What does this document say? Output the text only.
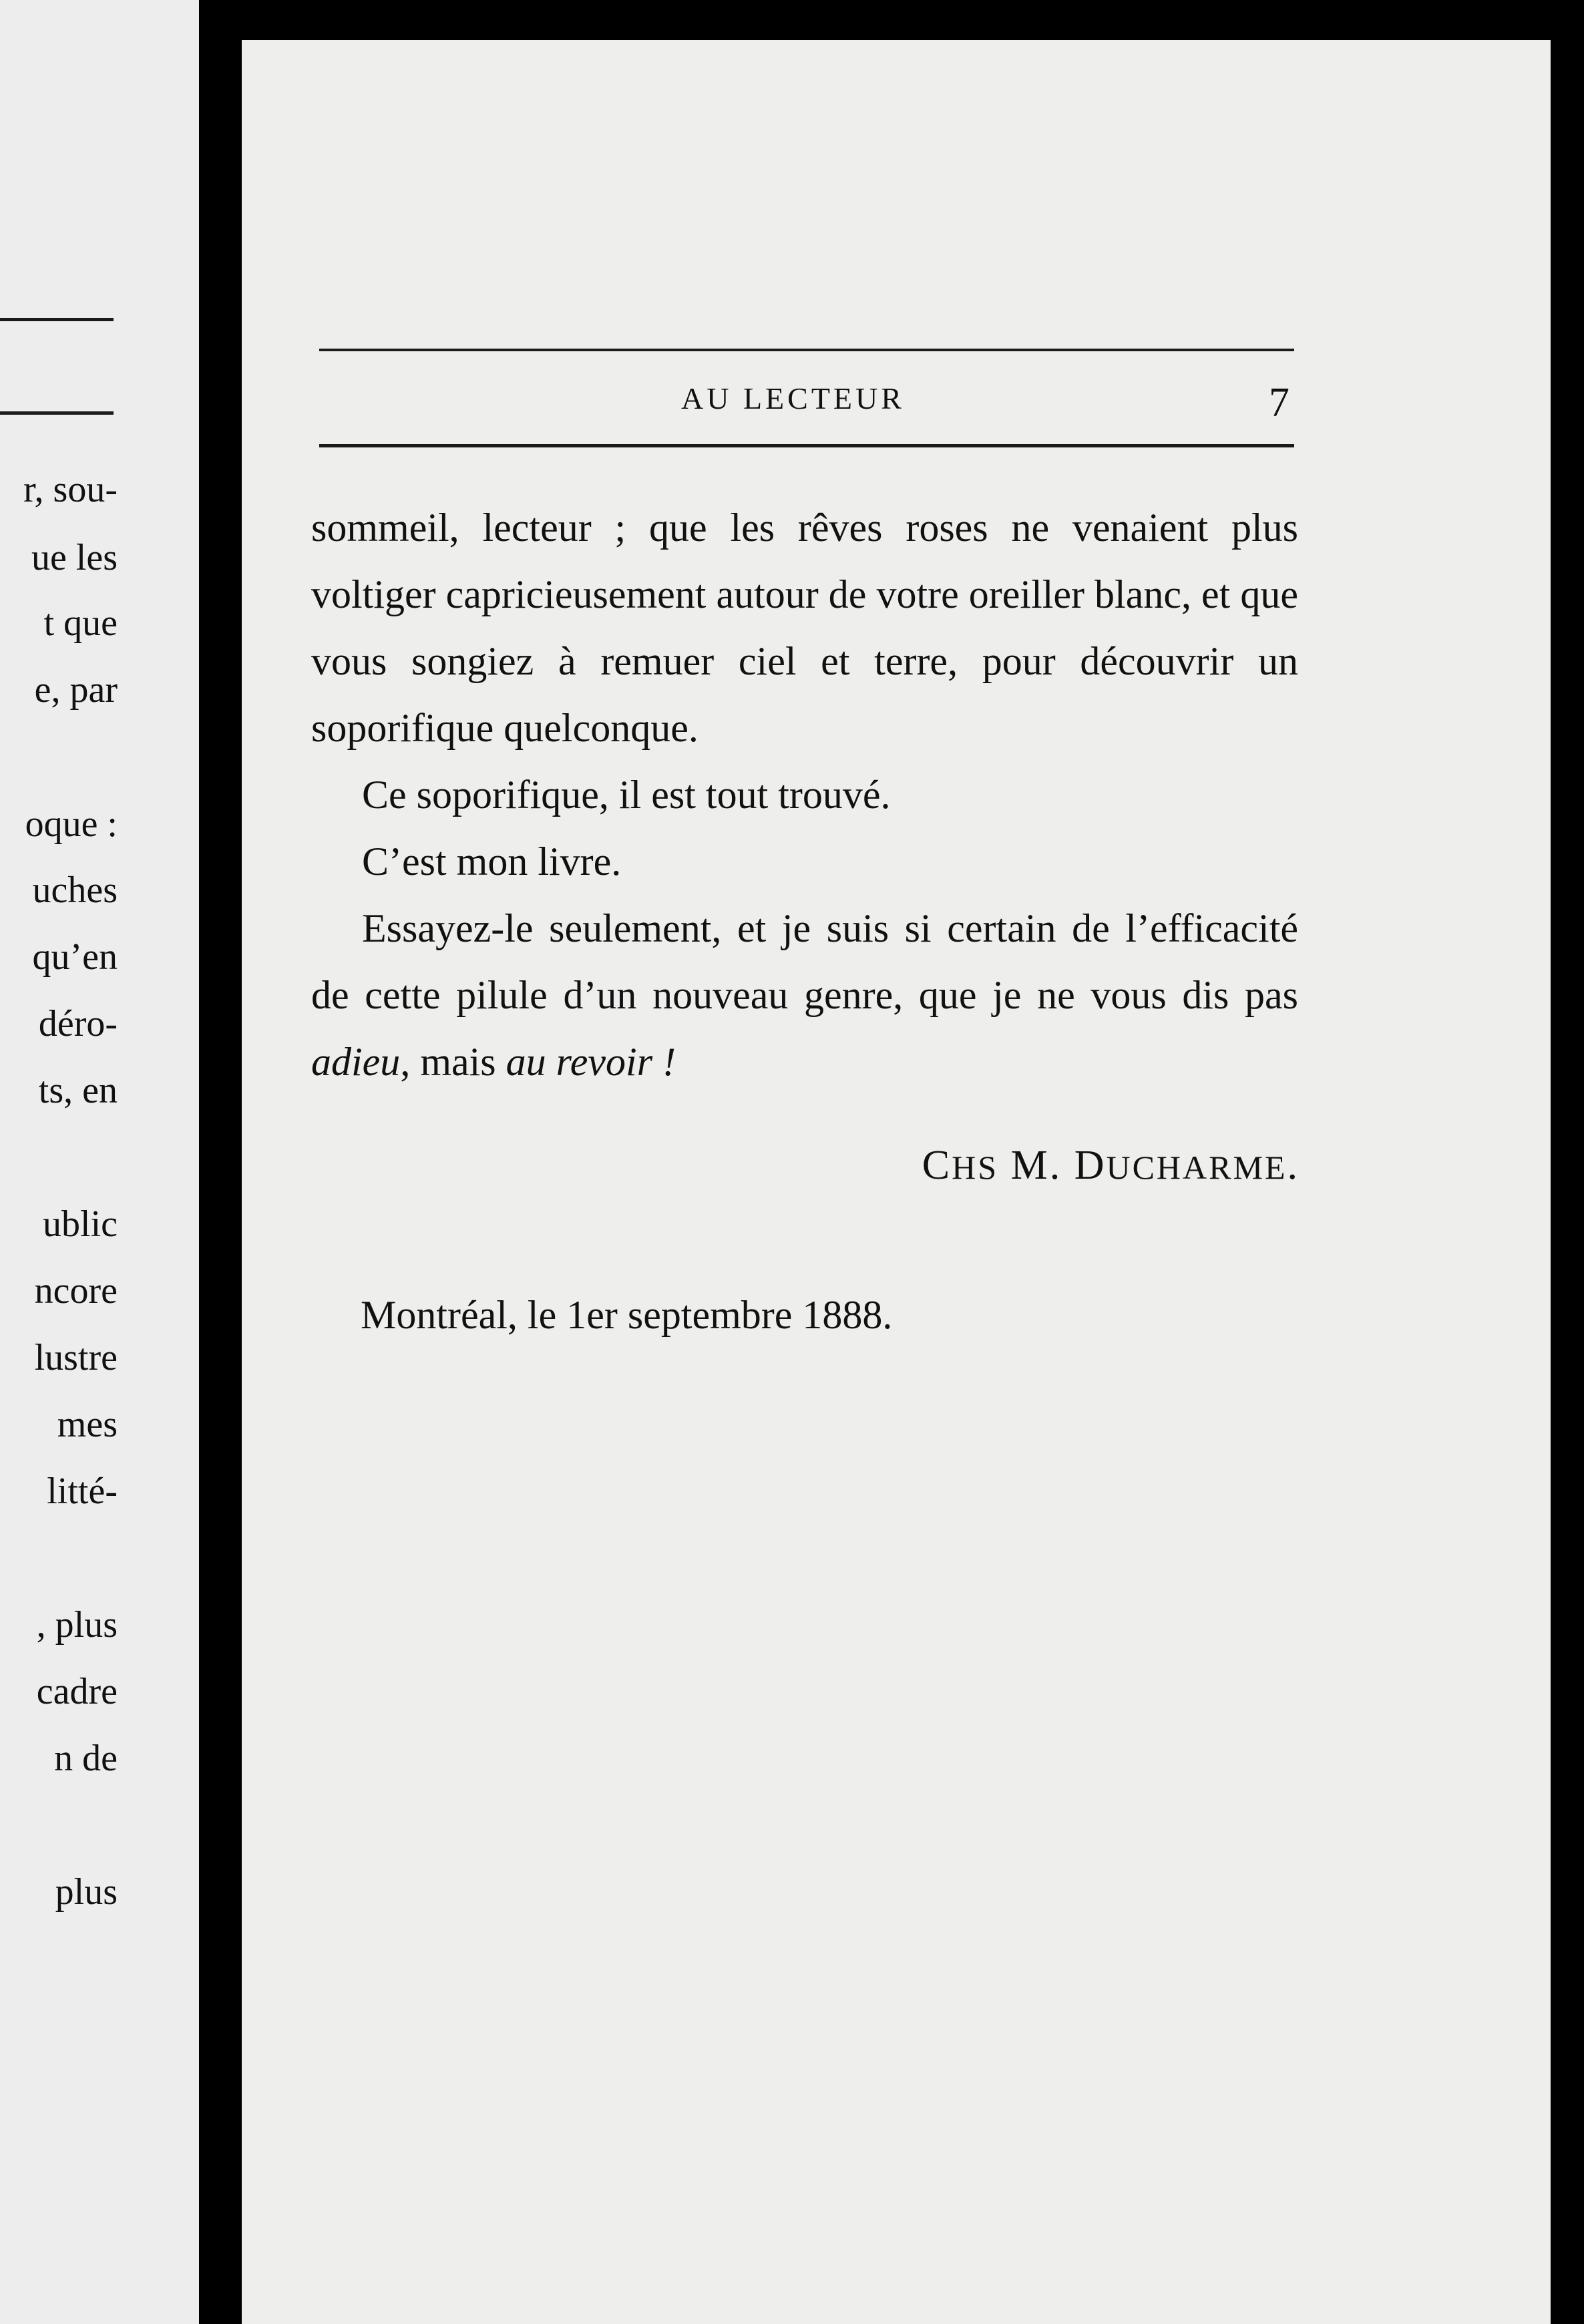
r, sou-
ue les
t que
e, par
oque :
uches
qu’en
déro-
ts, en
ublic
ncore
lustre
mes
litté-
, plus
cadre
n de
plus
AU LECTEUR	7

sommeil, lecteur ; que les rêves roses ne venaient plus voltiger capricieusement autour de votre oreiller blanc, et que vous songiez à remuer ciel et terre, pour découvrir un soporifique quelconque.

Ce soporifique, il est tout trouvé.

C’est mon livre.

Essayez-le seulement, et je suis si certain de l’efficacité de cette pilule d’un nouveau genre, que je ne vous dis pas adieu, mais au revoir !

CHS M. DUCHARME.
Montréal, le 1er septembre 1888.
